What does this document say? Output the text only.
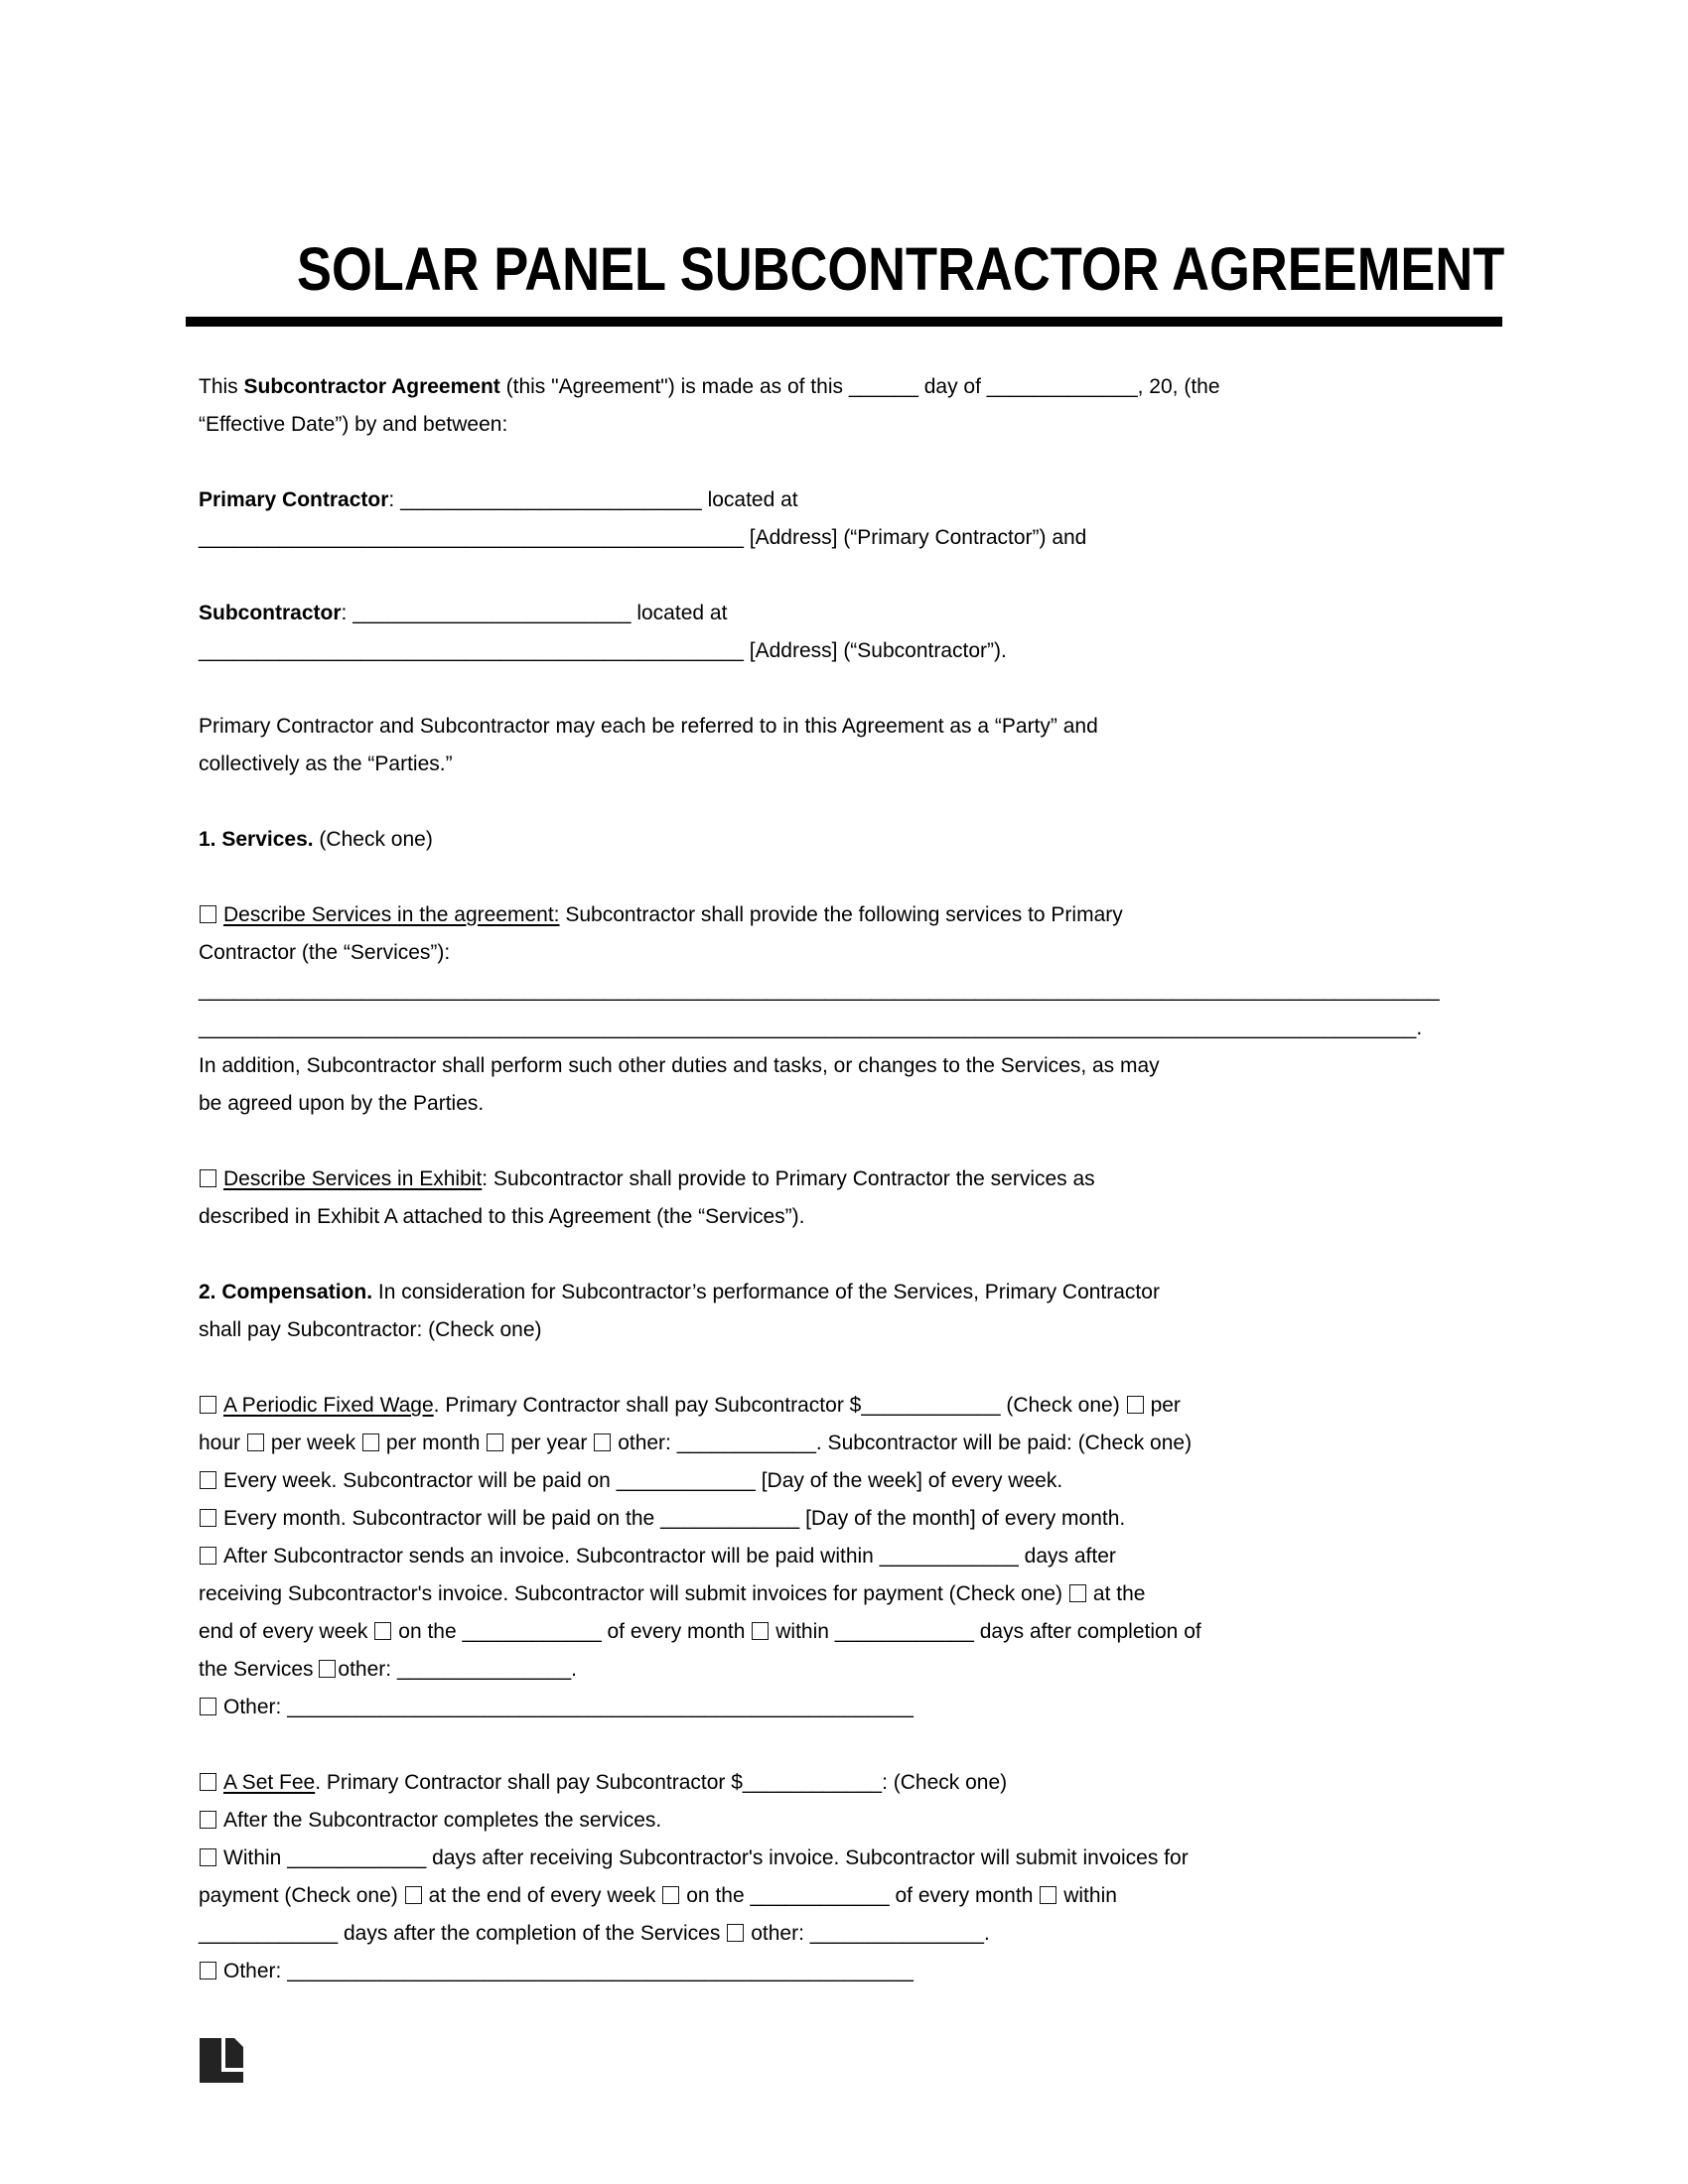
SOLAR PANEL SUBCONTRACTOR AGREEMENT
This Subcontractor Agreement (this "Agreement") is made as of this ______ day of _____________, 20, (the
“Effective Date”) by and between:
Primary Contractor: __________________________ located at
_______________________________________________ [Address] (“Primary Contractor”) and
Subcontractor: ________________________ located at
_______________________________________________ [Address] (“Subcontractor”).
Primary Contractor and Subcontractor may each be referred to in this Agreement as a “Party” and
collectively as the “Parties.”
1. Services. (Check one)
Describe Services in the agreement: Subcontractor shall provide the following services to Primary
Contractor (the “Services”):
___________________________________________________________________________________________________________
_________________________________________________________________________________________________________.
In addition, Subcontractor shall perform such other duties and tasks, or changes to the Services, as may
be agreed upon by the Parties.
Describe Services in Exhibit: Subcontractor shall provide to Primary Contractor the services as
described in Exhibit A attached to this Agreement (the “Services”).
2. Compensation. In consideration for Subcontractor’s performance of the Services, Primary Contractor
shall pay Subcontractor: (Check one)
A Periodic Fixed Wage. Primary Contractor shall pay Subcontractor $____________ (Check one) per
hour per week per month per year other: ____________. Subcontractor will be paid: (Check one)
Every week. Subcontractor will be paid on ____________ [Day of the week] of every week.
Every month. Subcontractor will be paid on the ____________ [Day of the month] of every month.
After Subcontractor sends an invoice. Subcontractor will be paid within ____________ days after
receiving Subcontractor's invoice. Subcontractor will submit invoices for payment (Check one) at the
end of every week on the ____________ of every month within ____________ days after completion of
the Services other: _______________.
Other: ______________________________________________________
A Set Fee. Primary Contractor shall pay Subcontractor $____________: (Check one)
After the Subcontractor completes the services.
Within ____________ days after receiving Subcontractor's invoice. Subcontractor will submit invoices for
payment (Check one) at the end of every week on the ____________ of every month within
____________ days after the completion of the Services other: _______________.
Other: ______________________________________________________
